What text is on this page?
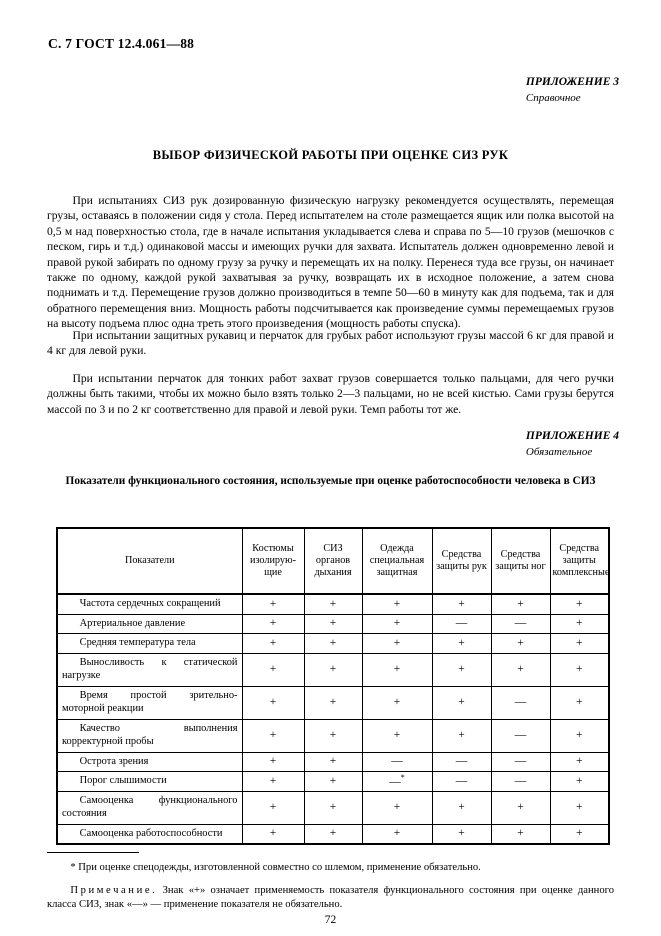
С. 7 ГОСТ 12.4.061—88
ПРИЛОЖЕНИЕ 3
Справочное
ВЫБОР ФИЗИЧЕСКОЙ РАБОТЫ ПРИ ОЦЕНКЕ СИЗ РУК
При испытаниях СИЗ рук дозированную физическую нагрузку рекомендуется осуществлять, перемещая грузы, оставаясь в положении сидя у стола. Перед испытателем на столе размещается ящик или полка высотой на 0,5 м над поверхностью стола, где в начале испытания укладывается слева и справа по 5—10 грузов (мешочков с песком, гирь и т.д.) одинаковой массы и имеющих ручки для захвата. Испытатель должен одновременно левой и правой рукой забирать по одному грузу за ручку и перемещать их на полку. Перенеся туда все грузы, он начинает также по одному, каждой рукой захватывая за ручку, возвращать их в исходное положение, а затем снова поднимать и т.д. Перемещение грузов должно производиться в темпе 50—60 в минуту как для подъема, так и для обратного перемещения вниз. Мощность работы подсчитывается как произведение суммы перемещаемых грузов на высоту подъема плюс одна треть этого произведения (мощность работы спуска).
При испытании защитных рукавиц и перчаток для грубых работ используют грузы массой 6 кг для правой и 4 кг для левой руки.
При испытании перчаток для тонких работ захват грузов совершается только пальцами, для чего ручки должны быть такими, чтобы их можно было взять только 2—3 пальцами, но не всей кистью. Сами грузы берутся массой по 3 и по 2 кг соответственно для правой и левой руки. Темп работы тот же.
ПРИЛОЖЕНИЕ 4
Обязательное
Показатели функционального состояния, используемые при оценке работоспособности человека в СИЗ
Показатели	Костюмы изолирую-щие	СИЗ органов дыхания	Одежда специальная защитная	Средства защиты рук	Средства защиты ног	Средства защиты комплексные
Частота сердечных сокращений	+	+	+	+	+	+
Артериальное давление	+	+	+	—	—	+
Средняя температура тела	+	+	+	+	+	+
Выносливость к статической нагрузке	+	+	+	+	+	+
Время простой зрительно-моторной реакции	+	+	+	+	—	+
Качество выполнения корректурной пробы	+	+	+	+	—	+
Острота зрения	+	+	—	—	—	+
Порог слышимости	+	+	—*	—	—	+
Самооценка функционального состояния	+	+	+	+	+	+
Самооценка работоспособности	+	+	+	+	+	+
* При оценке спецодежды, изготовленной совместно со шлемом, применение обязательно.
Примечание. Знак «+» означает применяемость показателя функционального состояния при оценке данного класса СИЗ, знак «—» — применение показателя не обязательно.
72
